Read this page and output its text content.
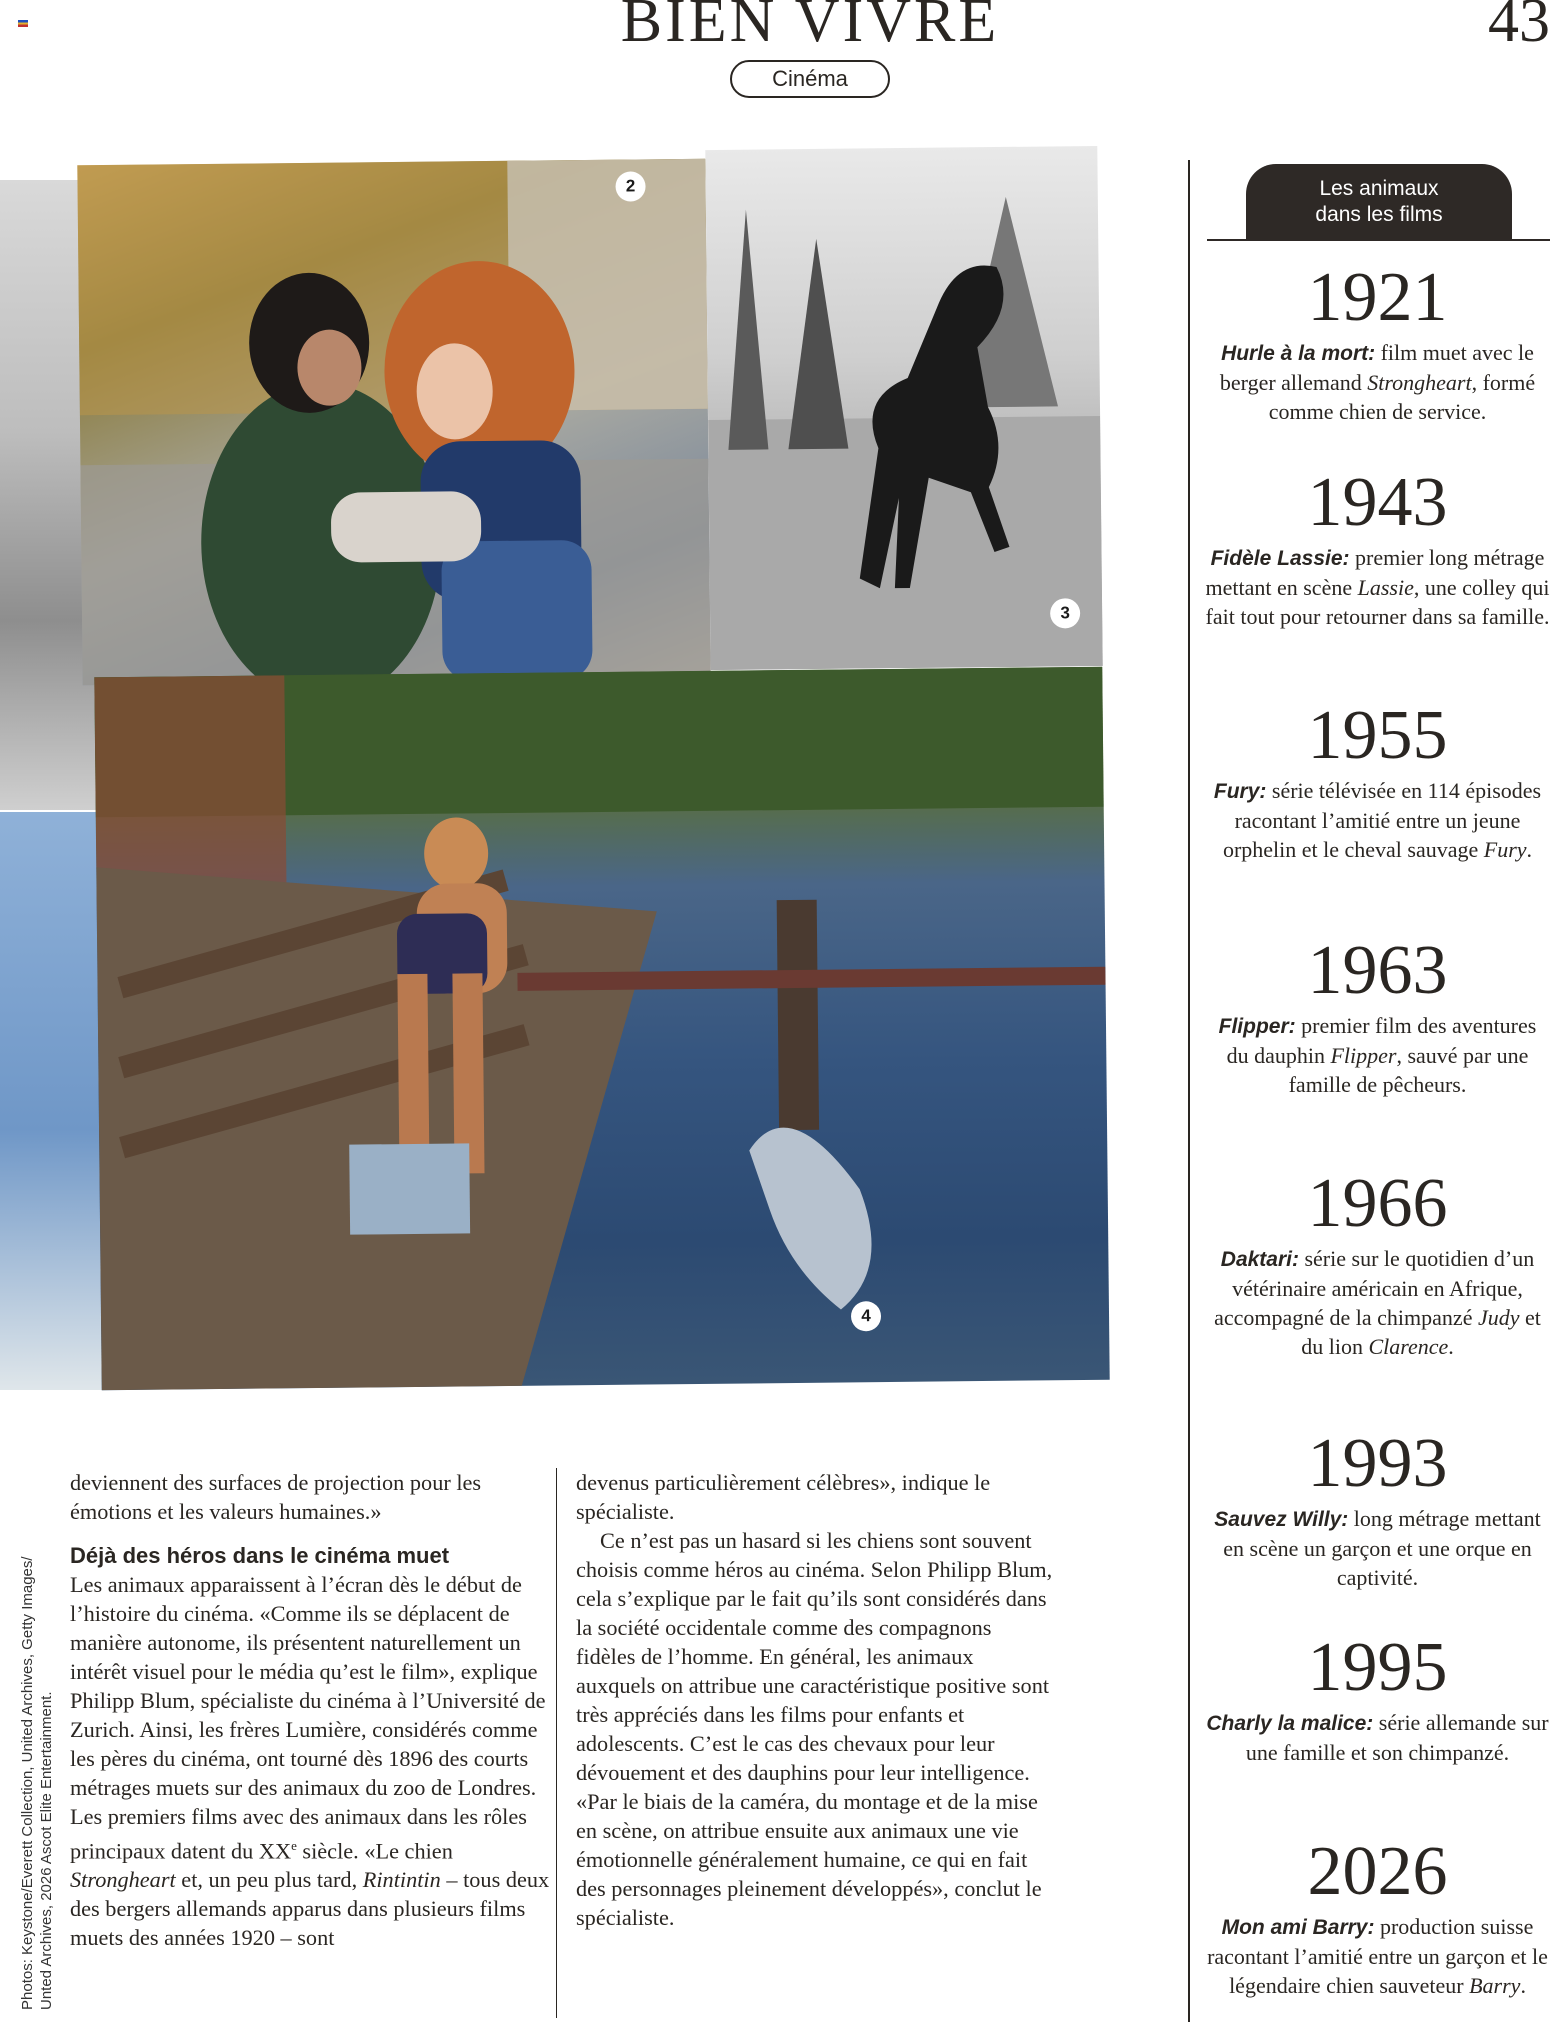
BIEN VIVRE
Cinéma
43
2
3
4
Photos: Keystone/Everett Collection, United Archives, Getty Images/ Unted Archives, 2026 Ascot Elite Entertainment.

deviennent des surfaces de projection pour les émotions et les valeurs humaines.»

Déjà des héros dans le cinéma muet

Les animaux apparaissent à l’écran dès le début de l’histoire du cinéma. «Comme ils se déplacent de manière autonome, ils présentent naturellement un intérêt visuel pour le média qu’est le film», explique Philipp Blum, spécialiste du cinéma à l’Université de Zurich. Ainsi, les frères Lumière, considérés comme les pères du cinéma, ont tourné dès 1896 des courts métrages muets sur des animaux du zoo de Londres. Les premiers films avec des animaux dans les rôles principaux datent du XXe siècle. «Le chien Strongheart et, un peu plus tard, Rintintin – tous deux des bergers allemands apparus dans plusieurs films muets des années 1920 – sont

devenus particulièrement célèbres», indique le spécialiste.

Ce n’est pas un hasard si les chiens sont souvent choisis comme héros au cinéma. Selon Philipp Blum, cela s’explique par le fait qu’ils sont considérés dans la société occidentale comme des compagnons fidèles de l’homme. En général, les animaux auxquels on attribue une caractéristique positive sont très appréciés dans les films pour enfants et adolescents. C’est le cas des chevaux pour leur dévouement et des dauphins pour leur intelligence. «Par le biais de la caméra, du montage et de la mise en scène, on attribue ensuite aux animaux une vie émotionnelle généralement humaine, ce qui en fait des personnages pleinement développés», conclut le spécialiste.

Les animaux
dans les films
1921
Hurle à la mort: film muet avec le berger allemand Strongheart, formé comme chien de service.
1943
Fidèle Lassie: premier long métrage mettant en scène Lassie, une colley qui fait tout pour retourner dans sa famille.
1955
Fury: série télévisée en 114 épisodes racontant l’amitié entre un jeune orphelin et le cheval sauvage Fury.
1963
Flipper: premier film des aventures du dauphin Flipper, sauvé par une famille de pêcheurs.
1966
Daktari: série sur le quotidien d’un vétérinaire américain en Afrique, accompagné de la chimpanzé Judy et du lion Clarence.
1993
Sauvez Willy: long métrage mettant en scène un garçon et une orque en captivité.
1995
Charly la malice: série allemande sur une famille et son chimpanzé.
2026
Mon ami Barry: production suisse racontant l’amitié entre un garçon et le légendaire chien sauveteur Barry.
